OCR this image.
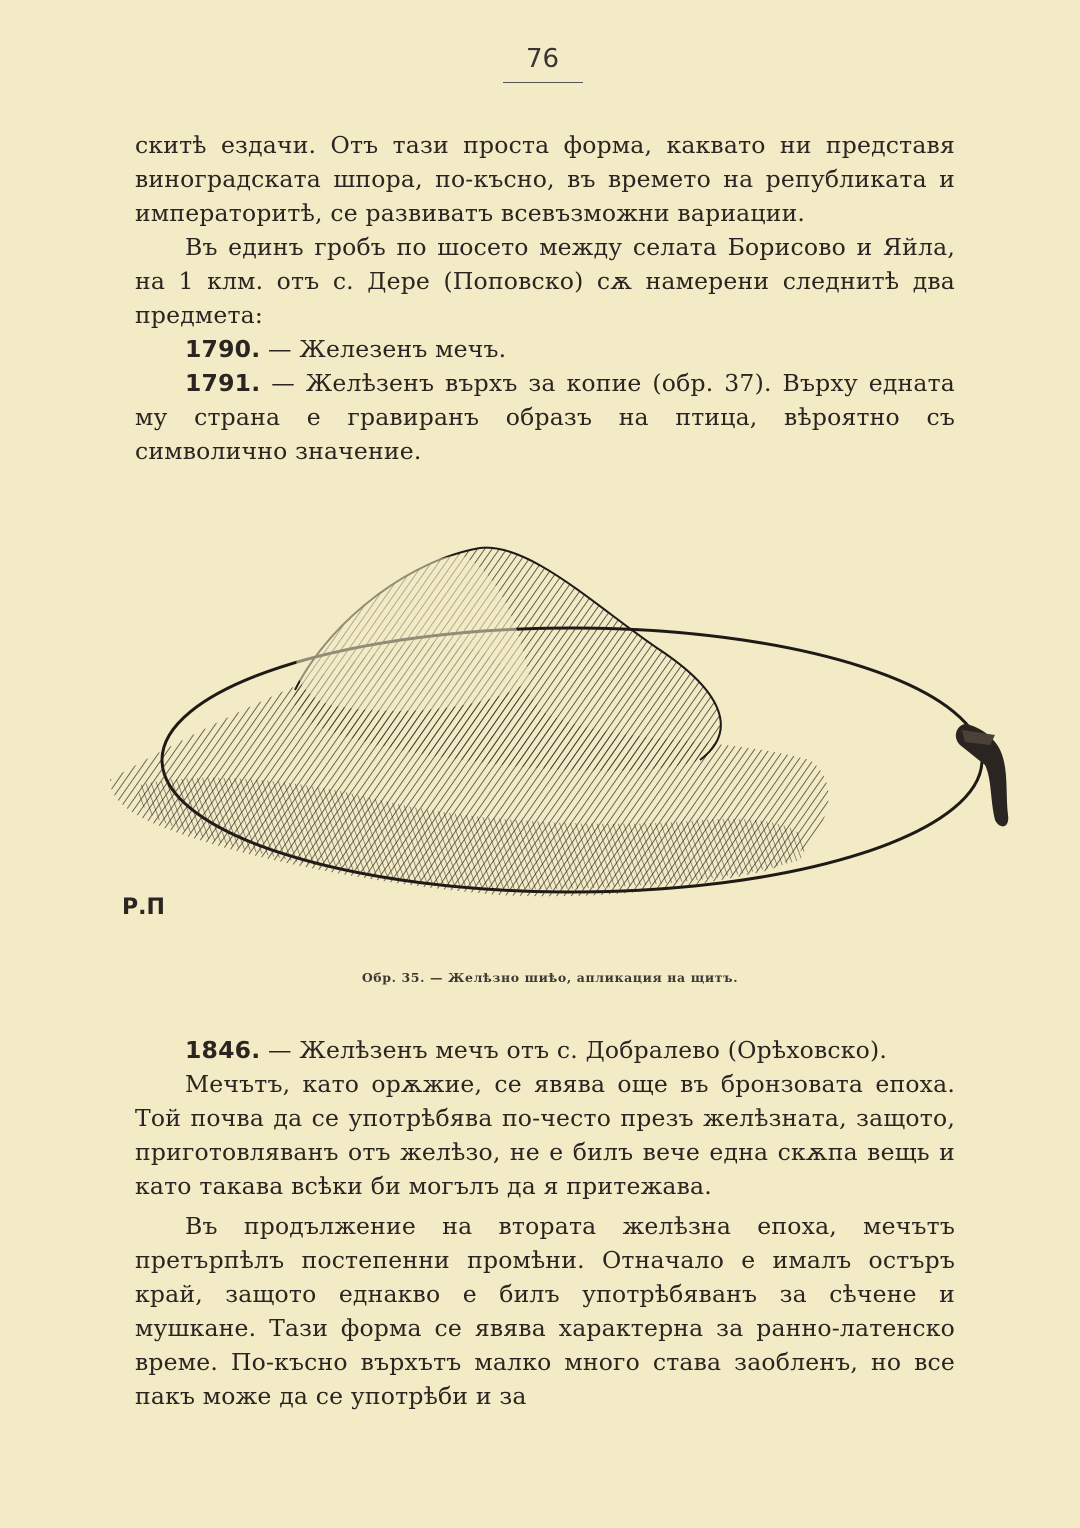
76

скитѣ ездачи. Отъ тази проста форма, каквато ни представя виноградската шпора, по-късно, въ времето на републиката и императоритѣ, се развиватъ всевъзможни вариации.

Въ единъ гробъ по шосето между селата Борисово и Яйла, на 1 клм. отъ с. Дере (Поповско) сѫ намерени следнитѣ два предмета:

1790. — Железенъ мечъ.

1791. — Желѣзенъ върхъ за копие (обр. 37). Върху едната му страна е гравиранъ образъ на птица, вѣроятно съ символично значение.

Р.П
Обр. 35. — Желѣзно шиѣо, апликация на щитъ.

1846. — Желѣзенъ мечъ отъ с. Добралево (Орѣховско).

Мечътъ, като орѫжие, се явява още въ бронзовата епоха. Той почва да се употрѣбява по-често презъ желѣзната, защото, приготовляванъ отъ желѣзо, не е билъ вече една скѫпа вещь и като такава всѣки би могълъ да я притежава.

Въ продължение на втората желѣзна епоха, мечътъ претърпѣлъ постепенни промѣни. Отначало е ималъ остъръ край, защото еднакво е билъ употрѣбяванъ за сѣчене и мушкане. Тази форма се явява характерна за ранно-латенско време. По-късно върхътъ малко много става заобленъ, но все пакъ може да се употрѣби и за
